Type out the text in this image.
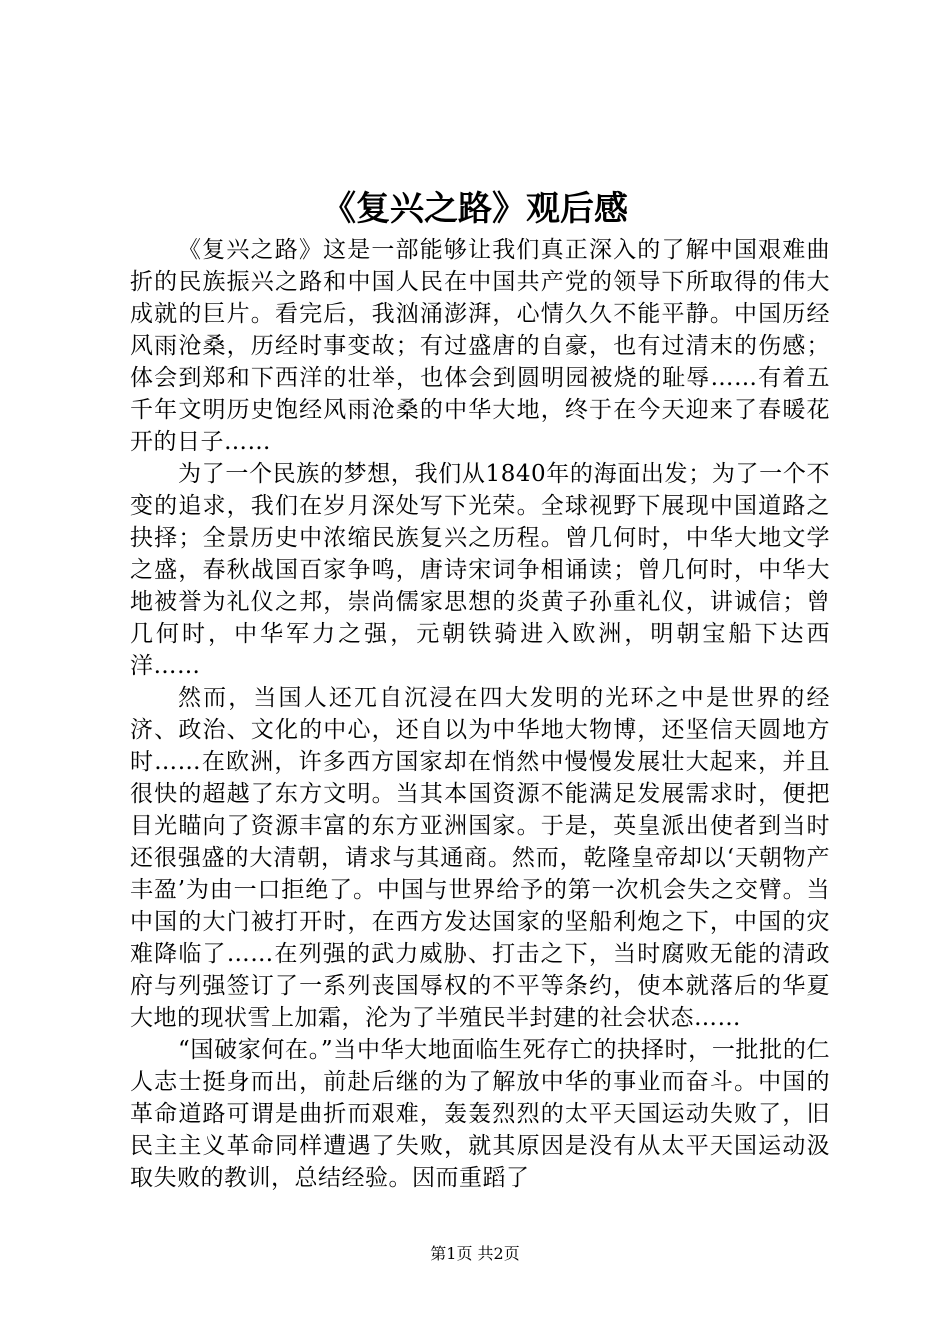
《复兴之路》观后感

《复兴之路》这是一部能够让我们真正深入的了解中国艰难曲折的民族振兴之路和中国人民在中国共产党的领导下所取得的伟大成就的巨片。看完后，我汹涌澎湃，心情久久不能平静。中国历经风雨沧桑，历经时事变故；有过盛唐的自豪，也有过清末的伤感；体会到郑和下西洋的壮举，也体会到圆明园被烧的耻辱……有着五千年文明历史饱经风雨沧桑的中华大地，终于在今天迎来了春暖花开的日子……

为了一个民族的梦想，我们从1840年的海面出发；为了一个不变的追求，我们在岁月深处写下光荣。全球视野下展现中国道路之抉择；全景历史中浓缩民族复兴之历程。曾几何时，中华大地文学之盛，春秋战国百家争鸣，唐诗宋词争相诵读；曾几何时，中华大地被誉为礼仪之邦，崇尚儒家思想的炎黄子孙重礼仪，讲诚信；曾几何时，中华军力之强，元朝铁骑进入欧洲，明朝宝船下达西洋……

然而，当国人还兀自沉浸在四大发明的光环之中是世界的经济、政治、文化的中心，还自以为中华地大物博，还坚信天圆地方时……在欧洲，许多西方国家却在悄然中慢慢发展壮大起来，并且很快的超越了东方文明。当其本国资源不能满足发展需求时，便把目光瞄向了资源丰富的东方亚洲国家。于是，英皇派出使者到当时还很强盛的大清朝，请求与其通商。然而，乾隆皇帝却以‘天朝物产丰盈’为由一口拒绝了。中国与世界给予的第一次机会失之交臂。当中国的大门被打开时，在西方发达国家的坚船利炮之下，中国的灾难降临了……在列强的武力威胁、打击之下，当时腐败无能的清政府与列强签订了一系列丧国辱权的不平等条约，使本就落后的华夏大地的现状雪上加霜，沦为了半殖民半封建的社会状态……

“国破家何在。”当中华大地面临生死存亡的抉择时，一批批的仁人志士挺身而出，前赴后继的为了解放中华的事业而奋斗。中国的革命道路可谓是曲折而艰难，轰轰烈烈的太平天国运动失败了，旧民主主义革命同样遭遇了失败，就其原因是没有从太平天国运动汲取失败的教训，总结经验。因而重蹈了

第1页 共2页
